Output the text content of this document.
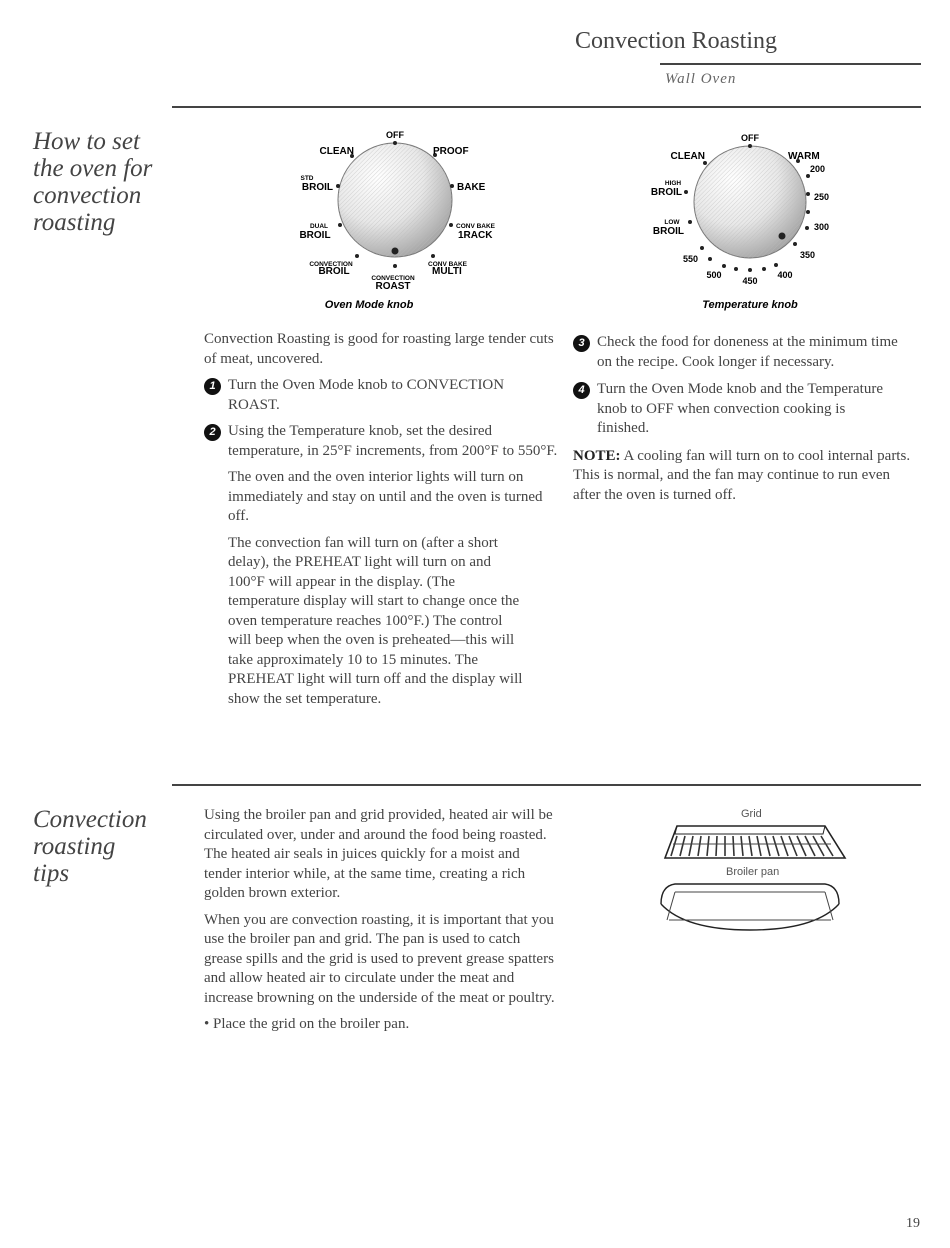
Convection Roasting
Wall Oven
How to set
the oven for
convection
roasting
OFF
CLEAN	PROOF
STD
BROIL	BAKE
DUAL
BROIL
CONV BAKE
1RACK
CONVECTION
BROIL
CONV BAKE
MULTI
CONVECTION
ROAST
Oven Mode knob
OFF
CLEAN	WARM
200
HIGH
BROIL	250
LOW
BROIL	300
350
550
500
450
400
Temperature knob

Convection Roasting is good for roasting large tender cuts of meat, uncovered.

1 Turn the Oven Mode knob to CONVECTION ROAST.
2 Using the Temperature knob, set the desired temperature, in 25°F increments, from 200°F to 550°F.

The oven and the oven interior lights will turn on immediately and stay on until and the oven is turned off.

The convection fan will turn on (after a short delay), the PREHEAT light will turn on and 100°F will appear in the display. (The temperature display will start to change once the oven temperature reaches 100°F.) The control will beep when the oven is preheated—this will take approximately 10 to 15 minutes. The PREHEAT light will turn off and the display will show the set temperature.

3 Check the food for doneness at the minimum time on the recipe. Cook longer if necessary.
4 Turn the Oven Mode knob and the Temperature knob to OFF when convection cooking is finished.

NOTE: A cooling fan will turn on to cool internal parts. This is normal, and the fan may continue to run even after the oven is turned off.

Convection
roasting
tips

Using the broiler pan and grid provided, heated air will be circulated over, under and around the food being roasted. The heated air seals in juices quickly for a moist and tender interior while, at the same time, creating a rich golden brown exterior.

When you are convection roasting, it is important that you use the broiler pan and grid. The pan is used to catch grease spills and the grid is used to prevent grease spatters and allow heated air to circulate under the meat and increase browning on the underside of the meat or poultry.

• Place the grid on the broiler pan.

Grid
Broiler pan
19
